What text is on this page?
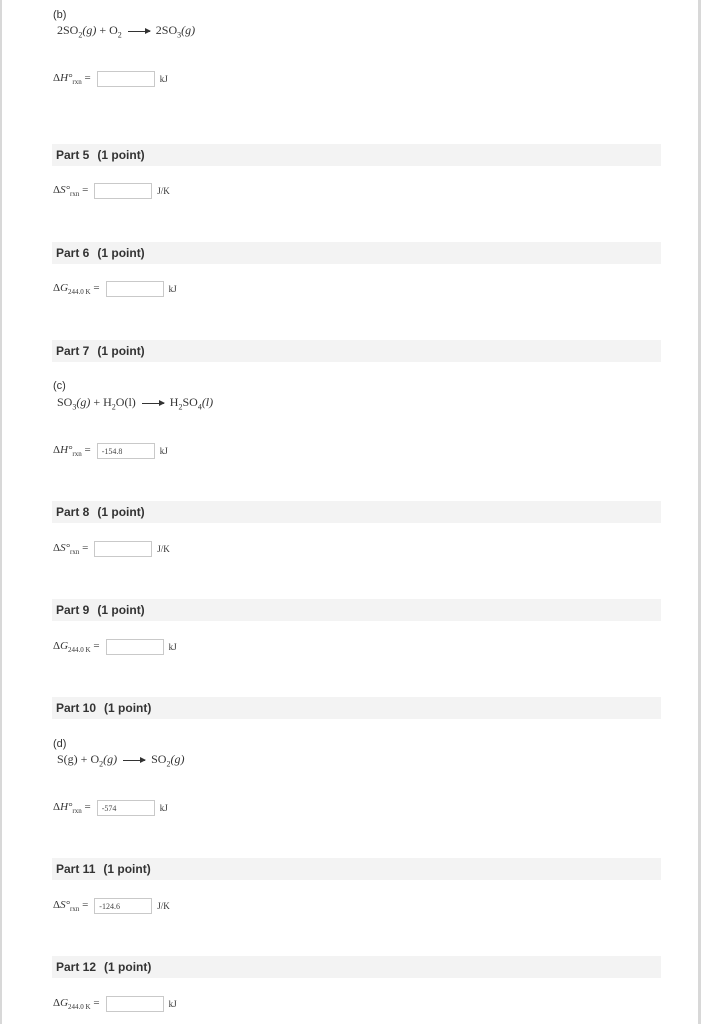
(b)
$2SO_2(g) + O_2 \to 2SO_3(g)$
$\Delta H^\circ_{rxn}$ =	kJ
Part 5 (1 point)
$\Delta S^\circ_{rxn}$ =	J/K
Part 6 (1 point)
$\Delta G_{244.0 K}$ =	kJ
Part 7 (1 point)
(c)
$SO_3(g) + H_2O(l) \to H_2SO_4(l)$
$\Delta H^\circ_{rxn}$ =
-154.8	kJ
Part 8 (1 point)
$\Delta S^\circ_{rxn}$ =	J/K
Part 9 (1 point)
$\Delta G_{244.0 K}$ =	kJ
Part 10 (1 point)
(d)
$S(g) + O_2(g) \to SO_2(g)$
$\Delta H^\circ_{rxn}$ =
-574	kJ
Part 11 (1 point)
$\Delta S^\circ_{rxn}$ =
-124.6	J/K
Part 12 (1 point)
$\Delta G_{244.0 K}$ =	kJ
